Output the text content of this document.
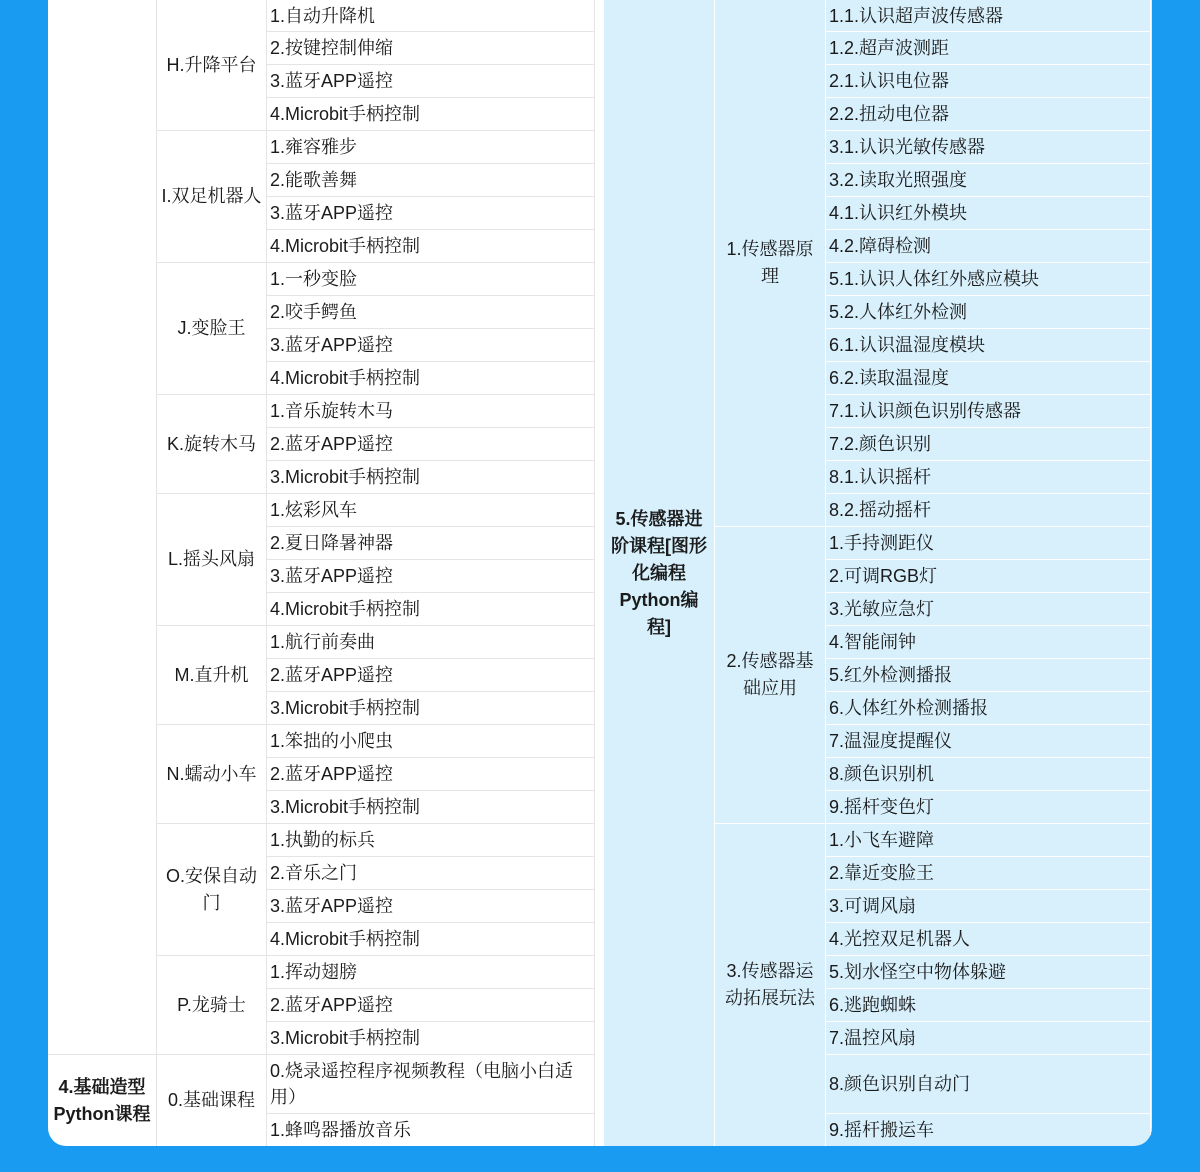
H.升降平台
1.自动升降机
2.按键控制伸缩
3.蓝牙APP遥控
4.Microbit手柄控制
I.双足机器人
1.雍容雅步
2.能歌善舞
3.蓝牙APP遥控
4.Microbit手柄控制
J.变脸王
1.一秒变脸
2.咬手鳄鱼
3.蓝牙APP遥控
4.Microbit手柄控制
K.旋转木马
1.音乐旋转木马
2.蓝牙APP遥控
3.Microbit手柄控制
L.摇头风扇
1.炫彩风车
2.夏日降暑神器
3.蓝牙APP遥控
4.Microbit手柄控制
M.直升机
1.航行前奏曲
2.蓝牙APP遥控
3.Microbit手柄控制
N.蠕动小车
1.笨拙的小爬虫
2.蓝牙APP遥控
3.Microbit手柄控制
O.安保自动门
1.执勤的标兵
2.音乐之门
3.蓝牙APP遥控
4.Microbit手柄控制
P.龙骑士
1.挥动翅膀
2.蓝牙APP遥控
3.Microbit手柄控制
4.基础造型Python课程
0.基础课程
0.烧录遥控程序视频教程（电脑小白适用）
1.蜂鸣器播放音乐
5.传感器进阶课程[图形化编程Python编程]
1.传感器原理
1.1.认识超声波传感器
1.2.超声波测距
2.1.认识电位器
2.2.扭动电位器
3.1.认识光敏传感器
3.2.读取光照强度
4.1.认识红外模块
4.2.障碍检测
5.1.认识人体红外感应模块
5.2.人体红外检测
6.1.认识温湿度模块
6.2.读取温湿度
7.1.认识颜色识别传感器
7.2.颜色识别
8.1.认识摇杆
8.2.摇动摇杆
2.传感器基础应用
1.手持测距仪
2.可调RGB灯
3.光敏应急灯
4.智能闹钟
5.红外检测播报
6.人体红外检测播报
7.温湿度提醒仪
8.颜色识别机
9.摇杆变色灯
3.传感器运动拓展玩法
1.小飞车避障
2.靠近变脸王
3.可调风扇
4.光控双足机器人
5.划水怪空中物体躲避
6.逃跑蜘蛛
7.温控风扇
8.颜色识别自动门
9.摇杆搬运车
